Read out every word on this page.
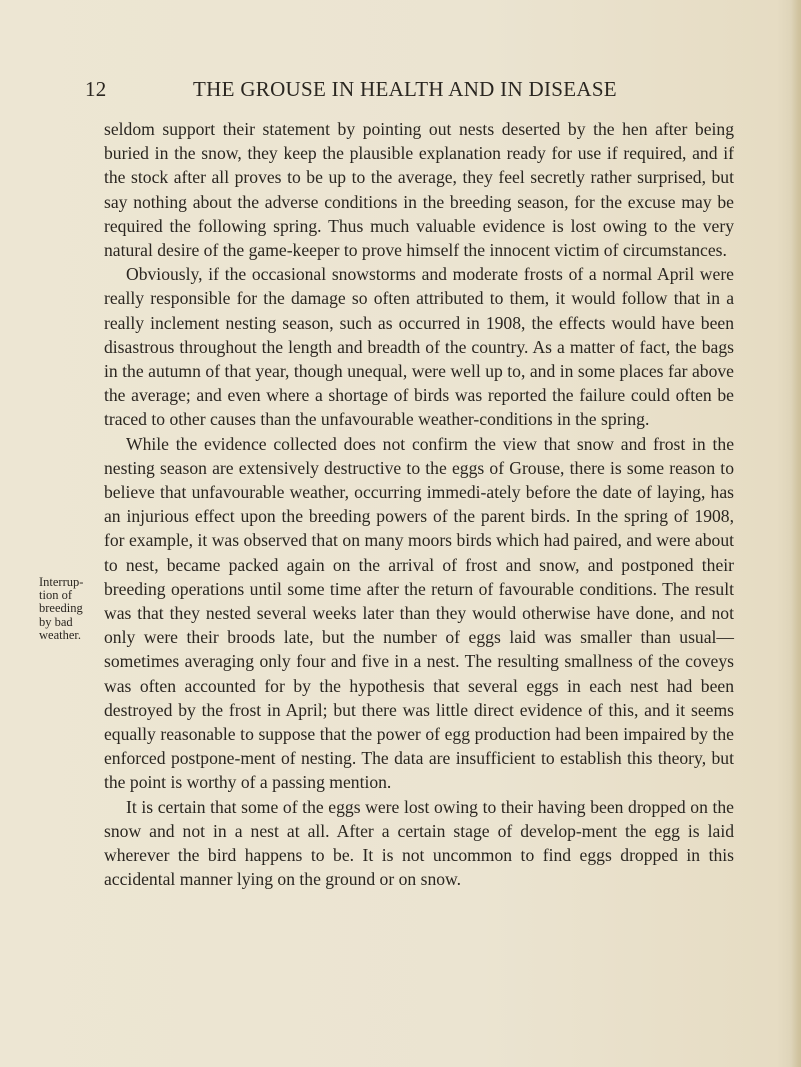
12	THE GROUSE IN HEALTH AND IN DISEASE
Interrup-
tion of
breeding
by bad
weather.

seldom support their statement by pointing out nests deserted by the hen after being buried in the snow, they keep the plausible explanation ready for use if required, and if the stock after all proves to be up to the average, they feel secretly rather surprised, but say nothing about the adverse conditions in the breeding season, for the excuse may be required the following spring. Thus much valuable evidence is lost owing to the very natural desire of the game-keeper to prove himself the innocent victim of circumstances.

Obviously, if the occasional snowstorms and moderate frosts of a normal April were really responsible for the damage so often attributed to them, it would follow that in a really inclement nesting season, such as occurred in 1908, the effects would have been disastrous throughout the length and breadth of the country. As a matter of fact, the bags in the autumn of that year, though unequal, were well up to, and in some places far above the average; and even where a shortage of birds was reported the failure could often be traced to other causes than the unfavourable weather-conditions in the spring.

While the evidence collected does not confirm the view that snow and frost in the nesting season are extensively destructive to the eggs of Grouse, there is some reason to believe that unfavourable weather, occurring immedi-ately before the date of laying, has an injurious effect upon the breeding powers of the parent birds. In the spring of 1908, for example, it was observed that on many moors birds which had paired, and were about to nest, became packed again on the arrival of frost and snow, and postponed their breeding operations until some time after the return of favourable conditions. The result was that they nested several weeks later than they would otherwise have done, and not only were their broods late, but the number of eggs laid was smaller than usual—sometimes averaging only four and five in a nest. The resulting smallness of the coveys was often accounted for by the hypothesis that several eggs in each nest had been destroyed by the frost in April; but there was little direct evidence of this, and it seems equally reasonable to suppose that the power of egg production had been impaired by the enforced postpone-ment of nesting. The data are insufficient to establish this theory, but the point is worthy of a passing mention.

It is certain that some of the eggs were lost owing to their having been dropped on the snow and not in a nest at all. After a certain stage of develop-ment the egg is laid wherever the bird happens to be. It is not uncommon to find eggs dropped in this accidental manner lying on the ground or on snow.
